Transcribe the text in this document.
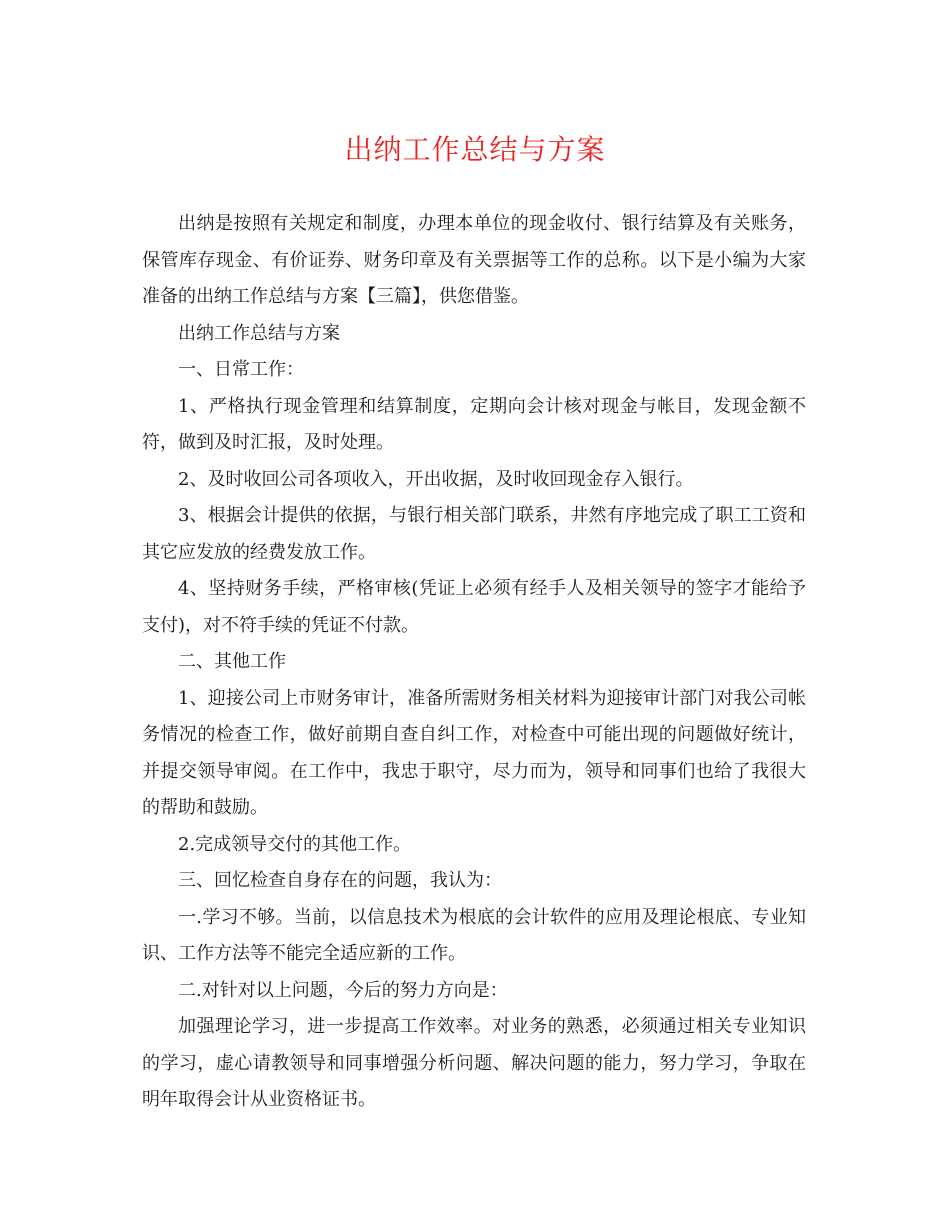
出纳工作总结与方案

出纳是按照有关规定和制度，办理本单位的现金收付、银行结算及有关账务，保管库存现金、有价证券、财务印章及有关票据等工作的总称。以下是小编为大家准备的出纳工作总结与方案【三篇】，供您借鉴。

出纳工作总结与方案

一、日常工作：

1、严格执行现金管理和结算制度，定期向会计核对现金与帐目，发现金额不符，做到及时汇报，及时处理。

2、及时收回公司各项收入，开出收据，及时收回现金存入银行。

3、根据会计提供的依据，与银行相关部门联系，井然有序地完成了职工工资和其它应发放的经费发放工作。

4、坚持财务手续，严格审核(凭证上必须有经手人及相关领导的签字才能给予支付)，对不符手续的凭证不付款。

二、其他工作

1、迎接公司上市财务审计，准备所需财务相关材料为迎接审计部门对我公司帐务情况的检查工作，做好前期自查自纠工作，对检查中可能出现的问题做好统计，并提交领导审阅。在工作中，我忠于职守，尽力而为，领导和同事们也给了我很大的帮助和鼓励。

2.完成领导交付的其他工作。

三、回忆检查自身存在的问题，我认为：

一.学习不够。当前，以信息技术为根底的会计软件的应用及理论根底、专业知识、工作方法等不能完全适应新的工作。

二.对针对以上问题，今后的努力方向是：

加强理论学习，进一步提高工作效率。对业务的熟悉，必须通过相关专业知识的学习，虚心请教领导和同事增强分析问题、解决问题的能力，努力学习，争取在明年取得会计从业资格证书。
